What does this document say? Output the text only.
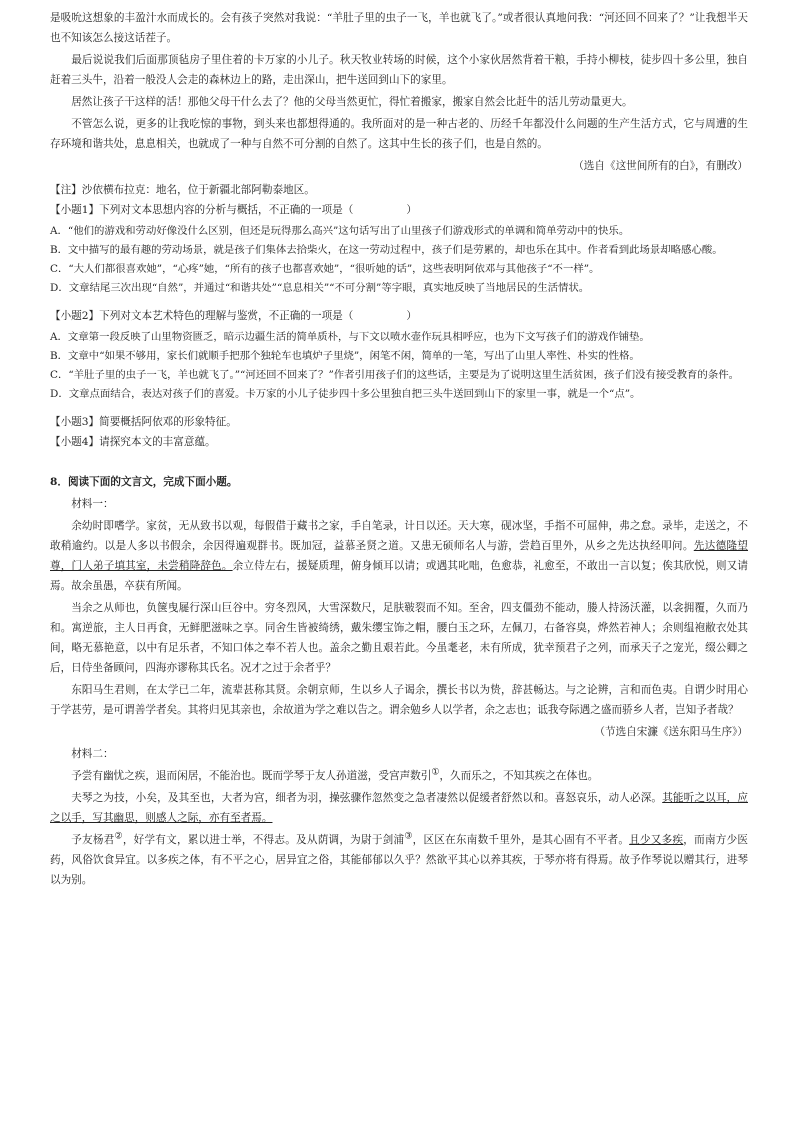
是吸吮这想象的丰盈汁水而成长的。会有孩子突然对我说：“羊肚子里的虫子一飞，羊也就飞了。”或者很认真地问我：“河还回不回来了？”让我想半天也不知该怎么接这话茬子。

最后说说我们后面那顶毡房子里住着的卡万家的小儿子。秋天牧业转场的时候，这个小家伙居然背着干粮，手持小柳枝，徒步四十多公里，独自赶着三头牛，沿着一般没人会走的森林边上的路，走出深山，把牛送回到山下的家里。

居然让孩子干这样的活！那他父母干什么去了？他的父母当然更忙，得忙着搬家，搬家自然会比赶牛的活儿劳动量更大。

不管怎么说，更多的让我吃惊的事物，到头来也都想得通的。我所面对的是一种古老的、历经千年都没什么问题的生产生活方式，它与周遭的生存环境和谐共处，息息相关，也就成了一种与自然不可分割的自然了。这其中生长的孩子们，也是自然的。

（选自《这世间所有的白》，有删改）

【注】沙依横布拉克：地名，位于新疆北部阿勒泰地区。

【小题1】下列对文本思想内容的分析与概括，不正确的一项是（　　　　　）

A．“他们的游戏和劳动好像没什么区别，但还是玩得那么高兴”这句话写出了山里孩子们游戏形式的单调和简单劳动中的快乐。

B．文中描写的最有趣的劳动场景，就是孩子们集体去拾柴火，在这一劳动过程中，孩子们是劳累的，却也乐在其中。作者看到此场景却略感心酸。

C．“大人们都很喜欢她”，“心疼”她，“所有的孩子也都喜欢她”，“很听她的话”，这些表明阿依邓与其他孩子“不一样”。

D．文章结尾三次出现“自然”，并通过“和谐共处”“息息相关”“不可分割”等字眼，真实地反映了当地居民的生活情状。

【小题2】下列对文本艺术特色的理解与鉴赏，不正确的一项是（　　　　　）

A．文章第一段反映了山里物资匮乏，暗示边疆生活的简单质朴，与下文以喷水壶作玩具相呼应，也为下文写孩子们的游戏作铺垫。

B．文章中“如果不够用，家长们就顺手把那个独轮车也填炉子里烧”，闲笔不闲，简单的一笔，写出了山里人率性、朴实的性格。

C．“羊肚子里的虫子一飞，羊也就飞了。”“河还回不回来了？”作者引用孩子们的这些话，主要是为了说明这里生活贫困，孩子们没有接受教育的条件。

D．文章点面结合，表达对孩子们的喜爱。卡万家的小儿子徒步四十多公里独自把三头牛送回到山下的家里一事，就是一个“点”。

【小题3】简要概括阿依邓的形象特征。

【小题4】请探究本文的丰富意蕴。

8．阅读下面的文言文，完成下面小题。

材料一：

余幼时即嗜学。家贫，无从致书以观，每假借于藏书之家，手自笔录，计日以还。天大寒，砚冰坚，手指不可屈伸，弗之怠。录毕，走送之，不敢稍逾约。以是人多以书假余，余因得遍观群书。既加冠，益慕圣贤之道。又患无硕师名人与游，尝趋百里外，从乡之先达执经叩问。先达德隆望尊，门人弟子填其室，未尝稍降辞色。余立侍左右，援疑质理，俯身倾耳以请；或遇其叱咄，色愈恭，礼愈至，不敢出一言以复；俟其欣悦，则又请焉。故余虽愚，卒获有所闻。

当余之从师也，负箧曳屣行深山巨谷中。穷冬烈风，大雪深数尺，足肤皲裂而不知。至舍，四支僵劲不能动，媵人持汤沃灌，以衾拥覆，久而乃和。寓逆旅，主人日再食，无鲜肥滋味之享。同舍生皆被绮绣，戴朱缨宝饰之帽，腰白玉之环，左佩刀，右备容臭，烨然若神人；余则缊袍敝衣处其间，略无慕艳意，以中有足乐者，不知口体之奉不若人也。盖余之勤且艰若此。今虽耄老，未有所成，犹幸预君子之列，而承天子之宠光，缀公卿之后，日侍坐备顾问，四海亦谬称其氏名。况才之过于余者乎？

东阳马生君则，在太学已二年，流辈甚称其贤。余朝京师，生以乡人子谒余，撰长书以为贽，辞甚畅达。与之论辨，言和而色夷。自谓少时用心于学甚劳，是可谓善学者矣。其将归见其亲也，余故道为学之难以告之。谓余勉乡人以学者，余之志也；诋我夸际遇之盛而骄乡人者，岂知予者哉？

（节选自宋濂《送东阳马生序》）

材料二：

予尝有幽忧之疾，退而闲居，不能治也。既而学琴于友人孙道滋，受宫声数引①，久而乐之，不知其疾之在体也。

夫琴之为技，小矣，及其至也，大者为宫，细者为羽，操弦骤作忽然变之急者凄然以促缓者舒然以和。喜怒哀乐，动人必深。其能听之以耳，应之以手，写其幽思，则感人之际，亦有至者焉。

予友杨君②，好学有文，累以进士举，不得志。及从荫调，为尉于剑浦③，区区在东南数千里外，是其心固有不平者。且少又多疾，而南方少医药，风俗饮食异宜。以多疾之体，有不平之心，居异宜之俗，其能郁郁以久乎？然欲平其心以养其疾，于琴亦将有得焉。故予作琴说以赠其行，进琴以为别。
